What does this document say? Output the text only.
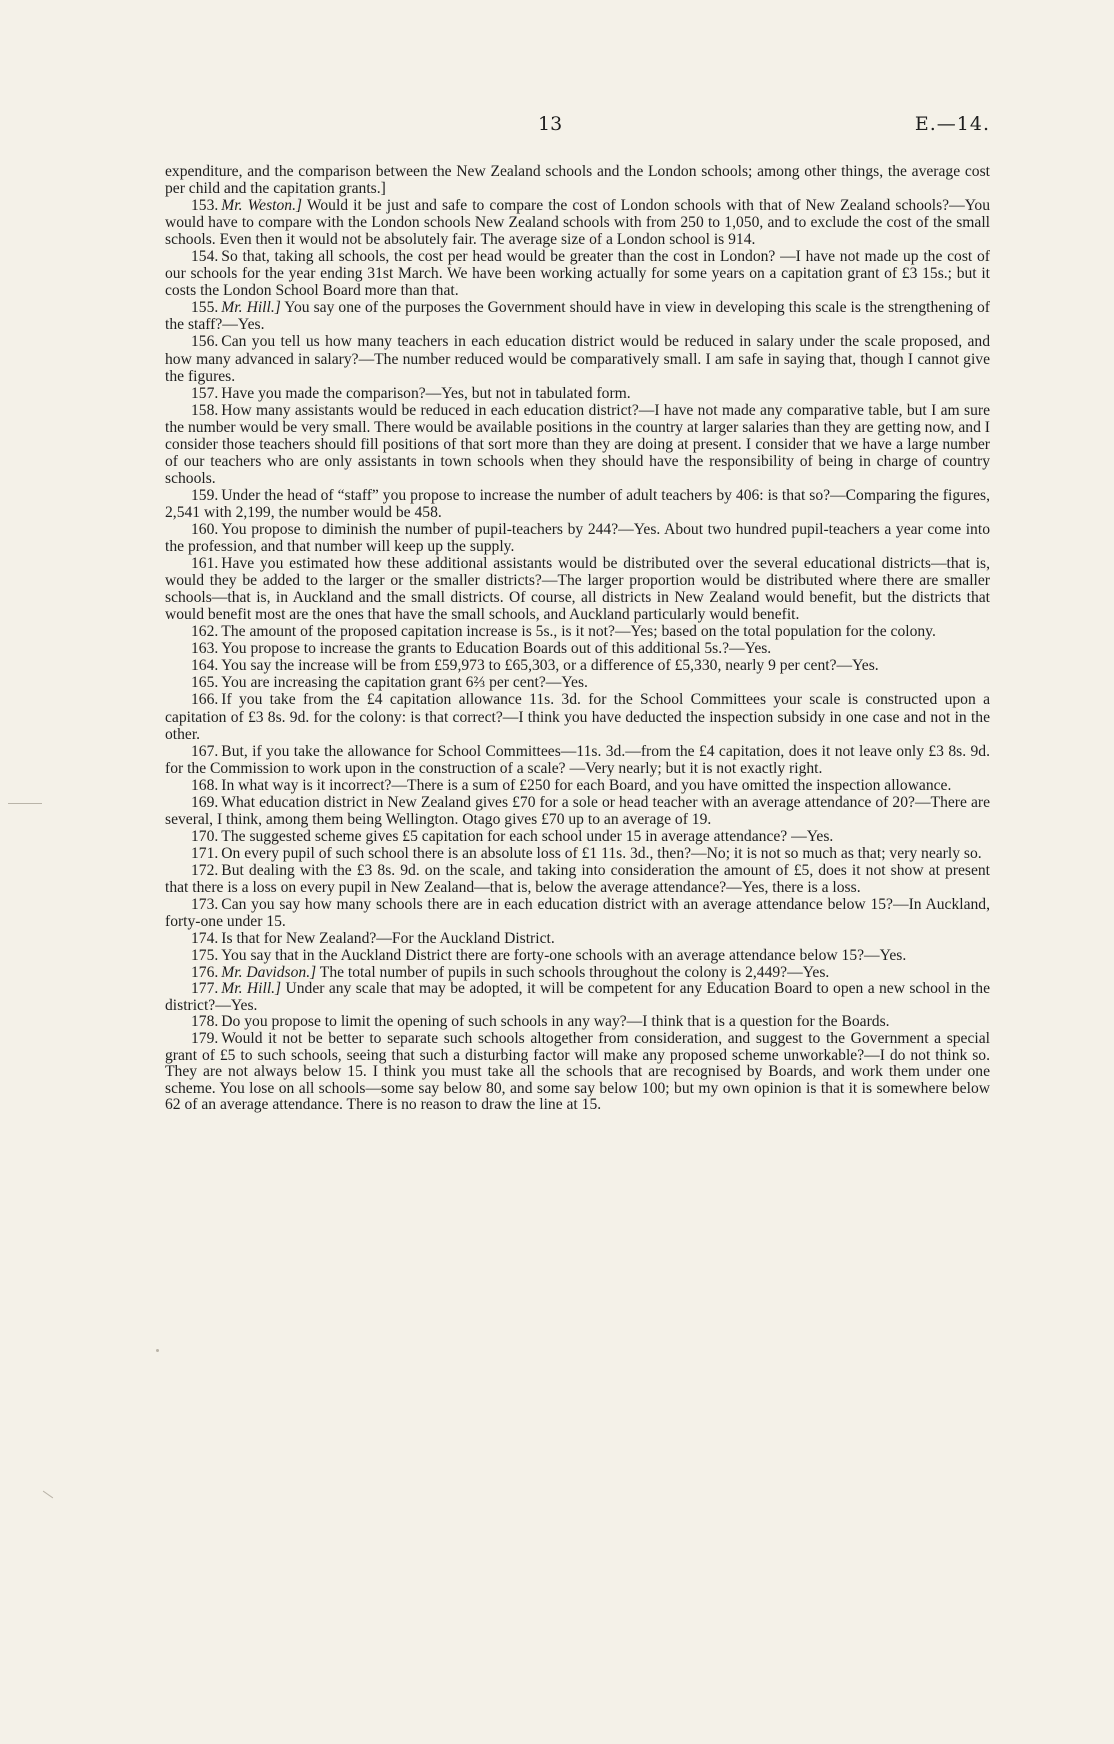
13	E.—14.

expenditure, and the comparison between the New Zealand schools and the London schools; among other things, the average cost per child and the capitation grants.]

153. Mr. Weston.] Would it be just and safe to compare the cost of London schools with that of New Zealand schools?—You would have to compare with the London schools New Zealand schools with from 250 to 1,050, and to exclude the cost of the small schools. Even then it would not be absolutely fair. The average size of a London school is 914.

154. So that, taking all schools, the cost per head would be greater than the cost in London? —I have not made up the cost of our schools for the year ending 31st March. We have been working actually for some years on a capitation grant of £3 15s.; but it costs the London School Board more than that.

155. Mr. Hill.] You say one of the purposes the Government should have in view in developing this scale is the strengthening of the staff?—Yes.

156. Can you tell us how many teachers in each education district would be reduced in salary under the scale proposed, and how many advanced in salary?—The number reduced would be comparatively small. I am safe in saying that, though I cannot give the figures.

157. Have you made the comparison?—Yes, but not in tabulated form.

158. How many assistants would be reduced in each education district?—I have not made any comparative table, but I am sure the number would be very small. There would be available positions in the country at larger salaries than they are getting now, and I consider those teachers should fill positions of that sort more than they are doing at present. I consider that we have a large number of our teachers who are only assistants in town schools when they should have the responsibility of being in charge of country schools.

159. Under the head of “staff” you propose to increase the number of adult teachers by 406: is that so?—Comparing the figures, 2,541 with 2,199, the number would be 458.

160. You propose to diminish the number of pupil-teachers by 244?—Yes. About two hundred pupil-teachers a year come into the profession, and that number will keep up the supply.

161. Have you estimated how these additional assistants would be distributed over the several educational districts—that is, would they be added to the larger or the smaller districts?—The larger proportion would be distributed where there are smaller schools—that is, in Auckland and the small districts. Of course, all districts in New Zealand would benefit, but the districts that would benefit most are the ones that have the small schools, and Auckland particularly would benefit.

162. The amount of the proposed capitation increase is 5s., is it not?—Yes; based on the total population for the colony.

163. You propose to increase the grants to Education Boards out of this additional 5s.?—Yes.

164. You say the increase will be from £59,973 to £65,303, or a difference of £5,330, nearly 9 per cent?—Yes.

165. You are increasing the capitation grant 6⅔ per cent?—Yes.

166. If you take from the £4 capitation allowance 11s. 3d. for the School Committees your scale is constructed upon a capitation of £3 8s. 9d. for the colony: is that correct?—I think you have deducted the inspection subsidy in one case and not in the other.

167. But, if you take the allowance for School Committees—11s. 3d.—from the £4 capitation, does it not leave only £3 8s. 9d. for the Commission to work upon in the construction of a scale? —Very nearly; but it is not exactly right.

168. In what way is it incorrect?—There is a sum of £250 for each Board, and you have omitted the inspection allowance.

169. What education district in New Zealand gives £70 for a sole or head teacher with an average attendance of 20?—There are several, I think, among them being Wellington. Otago gives £70 up to an average of 19.

170. The suggested scheme gives £5 capitation for each school under 15 in average attendance? —Yes.

171. On every pupil of such school there is an absolute loss of £1 11s. 3d., then?—No; it is not so much as that; very nearly so.

172. But dealing with the £3 8s. 9d. on the scale, and taking into consideration the amount of £5, does it not show at present that there is a loss on every pupil in New Zealand—that is, below the average attendance?—Yes, there is a loss.

173. Can you say how many schools there are in each education district with an average attendance below 15?—In Auckland, forty-one under 15.

174. Is that for New Zealand?—For the Auckland District.

175. You say that in the Auckland District there are forty-one schools with an average attendance below 15?—Yes.

176. Mr. Davidson.] The total number of pupils in such schools throughout the colony is 2,449?—Yes.

177. Mr. Hill.] Under any scale that may be adopted, it will be competent for any Education Board to open a new school in the district?—Yes.

178. Do you propose to limit the opening of such schools in any way?—I think that is a question for the Boards.

179. Would it not be better to separate such schools altogether from consideration, and suggest to the Government a special grant of £5 to such schools, seeing that such a disturbing factor will make any proposed scheme unworkable?—I do not think so. They are not always below 15. I think you must take all the schools that are recognised by Boards, and work them under one scheme. You lose on all schools—some say below 80, and some say below 100; but my own opinion is that it is somewhere below 62 of an average attendance. There is no reason to draw the line at 15.
